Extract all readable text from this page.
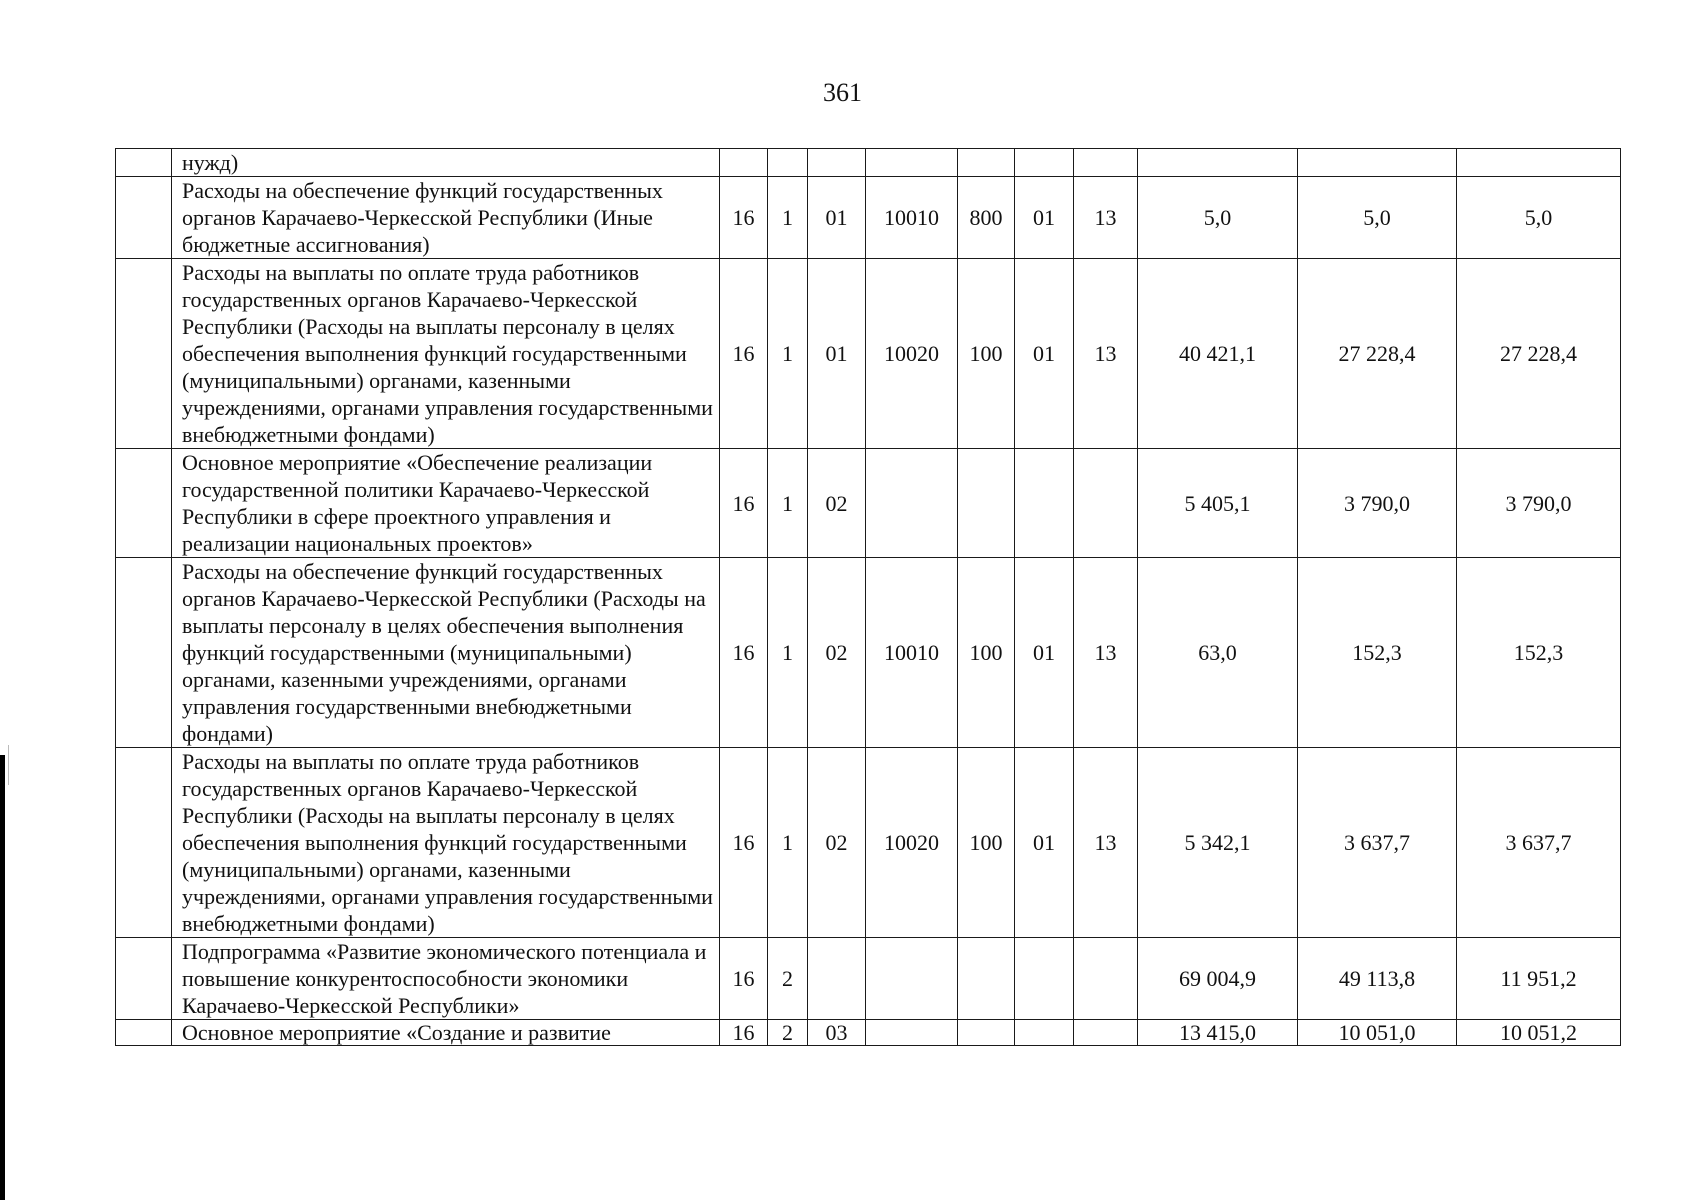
361
	нужд)										
	Расходы на обеспечение функций государственных органов Карачаево-Черкесской Республики (Иные бюджетные ассигнования)	16	1	01	10010	800	01	13	5,0	5,0	5,0
	Расходы на выплаты по оплате труда работников государственных органов Карачаево-Черкесской Республики (Расходы на выплаты персоналу в целях обеспечения выполнения функций государственными (муниципальными) органами, казенными учреждениями, органами управления государственными внебюджетными фондами)	16	1	01	10020	100	01	13	40 421,1	27 228,4	27 228,4
	Основное мероприятие «Обеспечение реализации государственной политики Карачаево-Черкесской Республики в сфере проектного управления и реализации национальных проектов»	16	1	02					5 405,1	3 790,0	3 790,0
	Расходы на обеспечение функций государственных органов Карачаево-Черкесской Республики (Расходы на выплаты персоналу в целях обеспечения выполнения функций государственными (муниципальными) органами, казенными учреждениями, органами управления государственными внебюджетными фондами)	16	1	02	10010	100	01	13	63,0	152,3	152,3
	Расходы на выплаты по оплате труда работников государственных органов Карачаево-Черкесской Республики (Расходы на выплаты персоналу в целях обеспечения выполнения функций государственными (муниципальными) органами, казенными учреждениями, органами управления государственными внебюджетными фондами)	16	1	02	10020	100	01	13	5 342,1	3 637,7	3 637,7
	Подпрограмма «Развитие экономического потенциала и повышение конкурентоспособности экономики Карачаево-Черкесской Республики»	16	2						69 004,9	49 113,8	11 951,2
	Основное мероприятие «Создание и развитие	16	2	03					13 415,0	10 051,0	10 051,2
